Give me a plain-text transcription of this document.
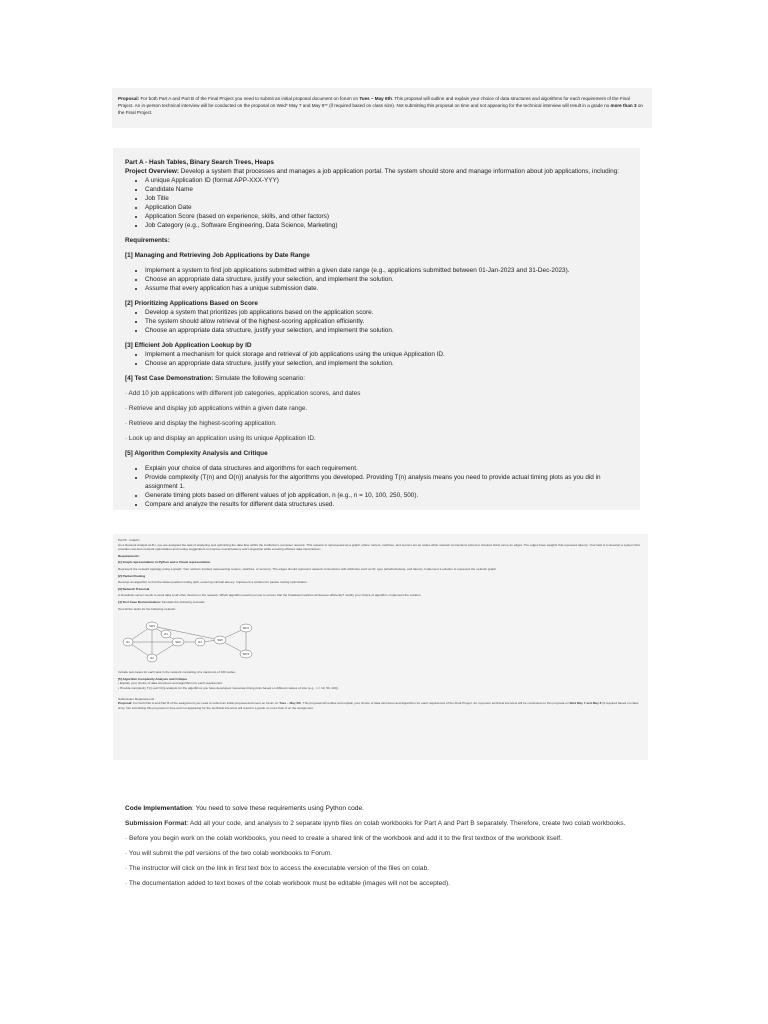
Proposal: For both Part A and Part B of the Final Project you need to submit an initial proposal document on forum on Tues – May 6th. This proposal will outline and explain your choice of data structures and algorithms for each requirement of the Final Project. An in-person technical interview will be conducted on the proposal on Wed* May 7 and May 8** (if required based on class size). Not submitting this proposal on time and not appearing for the technical interview will result in a grade no more than 3 on the Final Project.
Part A - Hash Tables, Binary Search Trees, Heaps
Project Overview: Develop a system that processes and manages a job application portal. The system should store and manage information about job applications, including:
• A unique Application ID (format APP-XXX-YYY)
• Candidate Name
• Job Title
• Application Date
• Application Score (based on experience, skills, and other factors)
• Job Category (e.g., Software Engineering, Data Science, Marketing)
Requirements:
[1] Managing and Retrieving Job Applications by Date Range
• Implement a system to find job applications submitted within a given date range (e.g., applications submitted between 01-Jan-2023 and 31-Dec-2023).
• Choose an appropriate data structure, justify your selection, and implement the solution.
• Assume that every application has a unique submission date.
[2] Prioritizing Applications Based on Score
• Develop a system that prioritizes job applications based on the application score.
• The system should allow retrieval of the highest-scoring application efficiently.
• Choose an appropriate data structure, justify your selection, and implement the solution.
[3] Efficient Job Application Lookup by ID
• Implement a mechanism for quick storage and retrieval of job applications using the unique Application ID.
• Choose an appropriate data structure, justify your selection, and implement the solution.
[4] Test Case Demonstration: Simulate the following scenario:
· Add 10 job applications with different job categories, application scores, and dates
· Retrieve and display job applications within a given date range.
· Retrieve and display the highest-scoring application.
· Look up and display an application using its unique Application ID.
[5] Algorithm Complexity Analysis and Critique
• Explain your choice of data structures and algorithms for each requirement.
• Provide complexity (T(n) and O(n)) analysis for the algorithms you developed. Providing T(n) analysis means you need to provide actual timing plots as you did in assignment 1.
• Generate timing plots based on different values of job application, n (e.g., n = 10, 100, 250, 500).
• Compare and analyze the results for different data structures used.
Part B - Graphs
As a Network Analyst at ZU, you are assigned the task of analyzing and optimizing the data flow within the institution's computer network. This network is represented as a graph, where routers, switches, and servers act as nodes while network connections (wired or wireless links) serve as edges. The edges have weights that represent latency. Your task is to develop a system that provides real-time network optimization and routing suggestions to improve overall latency and congestion while ensuring efficient data transmission.
Requirements:
[1] Graph representation in Python and a Visual representation
Represent the network topology using a graph. Your vertices (nodes) representing routers, switches, or servers). The edges should represent network connections with attributes such as ID, type (wired/wireless), and latency. Implement a solution to represent the network graph.
[2] Packet Routing
Develop an algorithm to find the fastest packet routing path, ensuring minimal latency. Implement a solution for packet routing optimization.
[3] Network Traversal
A broadcast server needs to send data to all other devices in the network. Which algorithm would you use to ensure that the broadcast reaches all devices efficiently? Justify your choice of algorithm. Implement the solution.
[4] Test Case Demonstration: Simulate the following scenario:
Test all the tasks for the following network:
R1
SW1
R2
SW2	R3
SW3
SRV1
SRV2
R4
Include test cases for each task in the network consisting of a maximum of 100 nodes.
[5] Algorithm Complexity Analysis and Critique
• Explain your choice of data structures and algorithms for each requirement.
• Provide complexity T(n) and O(n) analysis for the algorithms you have developed. Generate timing plots based on different values of size (e.g., n = 10, 50, 100).
Submission Requirements
Proposal: For both Part A and Part B of the assignment you need to submit an initial proposal document on forum on Tues – May 6th. This proposal will outline and explain your choice of data structures and algorithms for each requirement of the Final Project. An in-person technical interview will be conducted on this proposal on Wed May 7 and May 8 (if required based on class size). Not submitting this proposal on time and not appearing for the technical interview will result in a grade no more than 3 on the assignment.
Code Implementation: You need to solve these requirements using Python code.
Submission Format: Add all your code, and analysis to 2 separate ipynb files on colab workbooks for Part A and Part B separately. Therefore, create two colab workbooks.
· Before you begin work on the colab workbooks, you need to create a shared link of the workbook and add it to the first textbox of the workbook itself.
· You will submit the pdf versions of the two colab workbooks to Forum.
· The instructor will click on the link in first text box to access the executable version of the files on colab.
· The documentation added to text boxes of the colab workbook must be editable (images will not be accepted).
